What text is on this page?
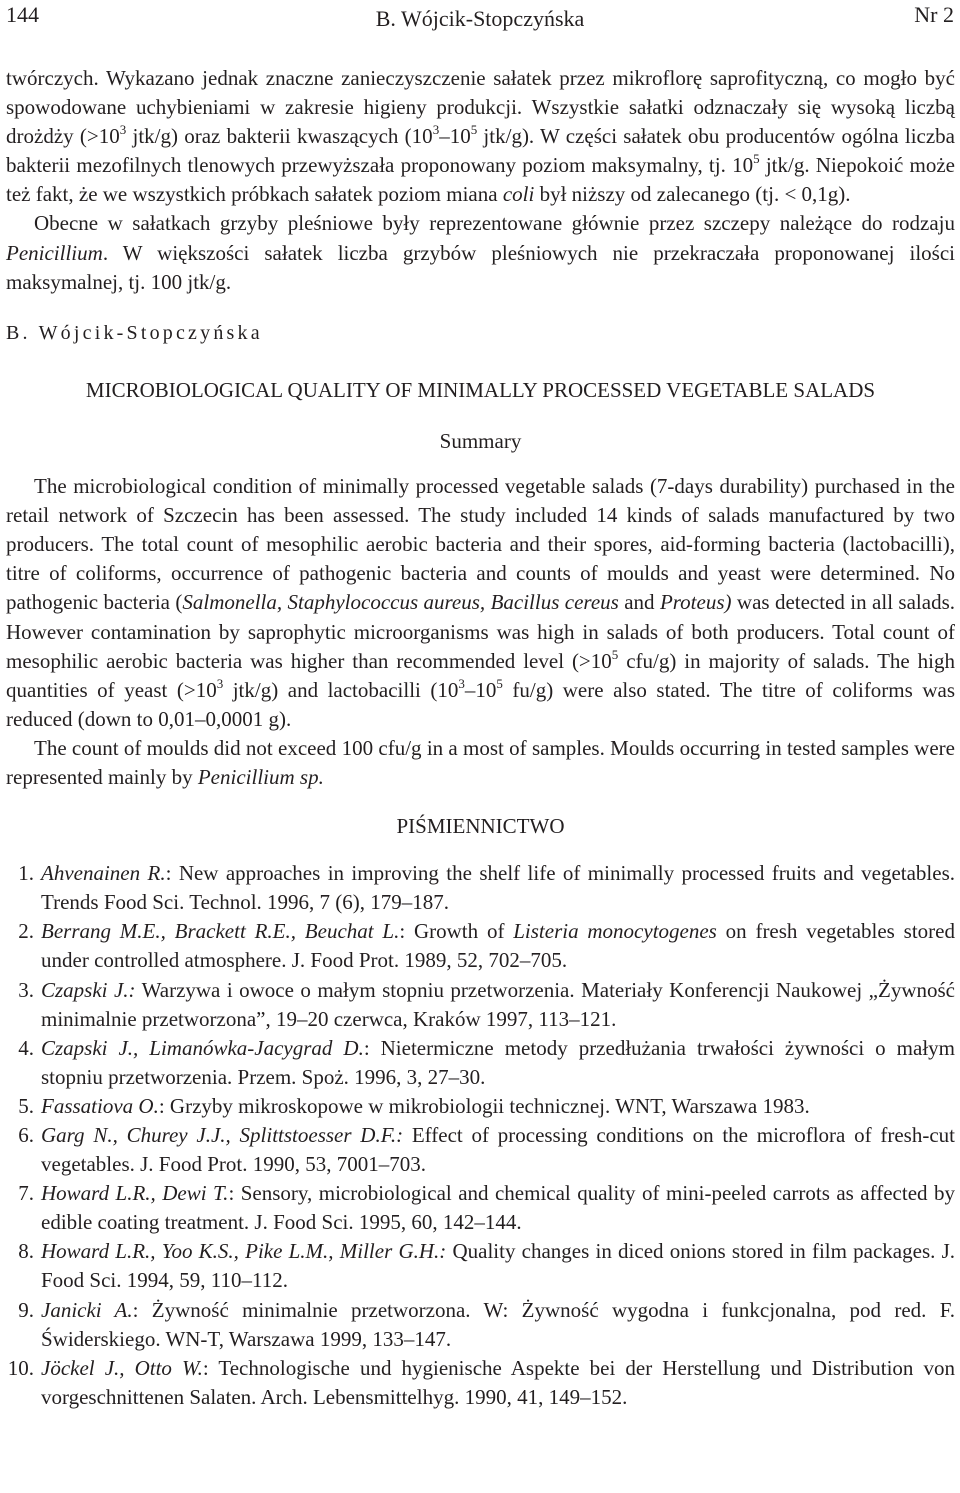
144	B. Wójcik-Stopczyńska	Nr 2

twórczych. Wykazano jednak znaczne zanieczyszczenie sałatek przez mikroflorę saprofityczną, co mogło być spowodowane uchybieniami w zakresie higieny produkcji. Wszystkie sałatki odznaczały się wysoką liczbą drożdży ($>10^3$ jtk/g) oraz bakterii kwaszących ($10^3-10^5$ jtk/g). W części sałatek obu producentów ogólna liczba bakterii mezofilnych tlenowych przewyższała proponowany poziom maksymalny, tj. $10^5$ jtk/g. Niepokoić może też fakt, że we wszystkich próbkach sałatek poziom miana coli był niższy od zalecanego (tj. < 0,1g).

Obecne w sałatkach grzyby pleśniowe były reprezentowane głównie przez szczepy należące do rodzaju Penicillium. W większości sałatek liczba grzybów pleśniowych nie przekraczała proponowanej ilości maksymalnej, tj. 100 jtk/g.

B. Wójcik-Stopczyńska
MICROBIOLOGICAL QUALITY OF MINIMALLY PROCESSED VEGETABLE SALADS
Summary

The microbiological condition of minimally processed vegetable salads (7-days durability) purchased in the retail network of Szczecin has been assessed. The study included 14 kinds of salads manufactured by two producers. The total count of mesophilic aerobic bacteria and their spores, aid-forming bacteria (lactobacilli), titre of coliforms, occurrence of pathogenic bacteria and counts of moulds and yeast were determined. No pathogenic bacteria (Salmonella, Staphylococcus aureus, Bacillus cereus and Proteus) was detected in all salads. However contamination by saprophytic microorganisms was high in salads of both producers. Total count of mesophilic aerobic bacteria was higher than recommended level ($>10^5$ cfu/g) in majority of salads. The high quantities of yeast ($>10^3$ jtk/g) and lactobacilli ($10^3-10^5$ fu/g) were also stated. The titre of coliforms was reduced (down to 0,01–0,0001 g).

The count of moulds did not exceed 100 cfu/g in a most of samples. Moulds occurring in tested samples were represented mainly by Penicillium sp.

PIŚMIENNICTWO
1. Ahvenainen R.: New approaches in improving the shelf life of minimally processed fruits and vegetables. Trends Food Sci. Technol. 1996, 7 (6), 179–187.
2. Berrang M.E., Brackett R.E., Beuchat L.: Growth of Listeria monocytogenes on fresh vegetables stored under controlled atmosphere. J. Food Prot. 1989, 52, 702–705.
3. Czapski J.: Warzywa i owoce o małym stopniu przetworzenia. Materiały Konferencji Naukowej „Żywność minimalnie przetworzona”, 19–20 czerwca, Kraków 1997, 113–121.
4. Czapski J., Limanówka-Jacygrad D.: Nietermiczne metody przedłużania trwałości żywności o małym stopniu przetworzenia. Przem. Spoż. 1996, 3, 27–30.
5. Fassatiova O.: Grzyby mikroskopowe w mikrobiologii technicznej. WNT, Warszawa 1983.
6. Garg N., Churey J.J., Splittstoesser D.F.: Effect of processing conditions on the microflora of fresh-cut vegetables. J. Food Prot. 1990, 53, 7001–703.
7. Howard L.R., Dewi T.: Sensory, microbiological and chemical quality of mini-peeled carrots as affected by edible coating treatment. J. Food Sci. 1995, 60, 142–144.
8. Howard L.R., Yoo K.S., Pike L.M., Miller G.H.: Quality changes in diced onions stored in film packages. J. Food Sci. 1994, 59, 110–112.
9. Janicki A.: Żywność minimalnie przetworzona. W: Żywność wygodna i funkcjonalna, pod red. F. Świderskiego. WN-T, Warszawa 1999, 133–147.
10. Jöckel J., Otto W.: Technologische und hygienische Aspekte bei der Herstellung und Distribution von vorgeschnittenen Salaten. Arch. Lebensmittelhyg. 1990, 41, 149–152.
